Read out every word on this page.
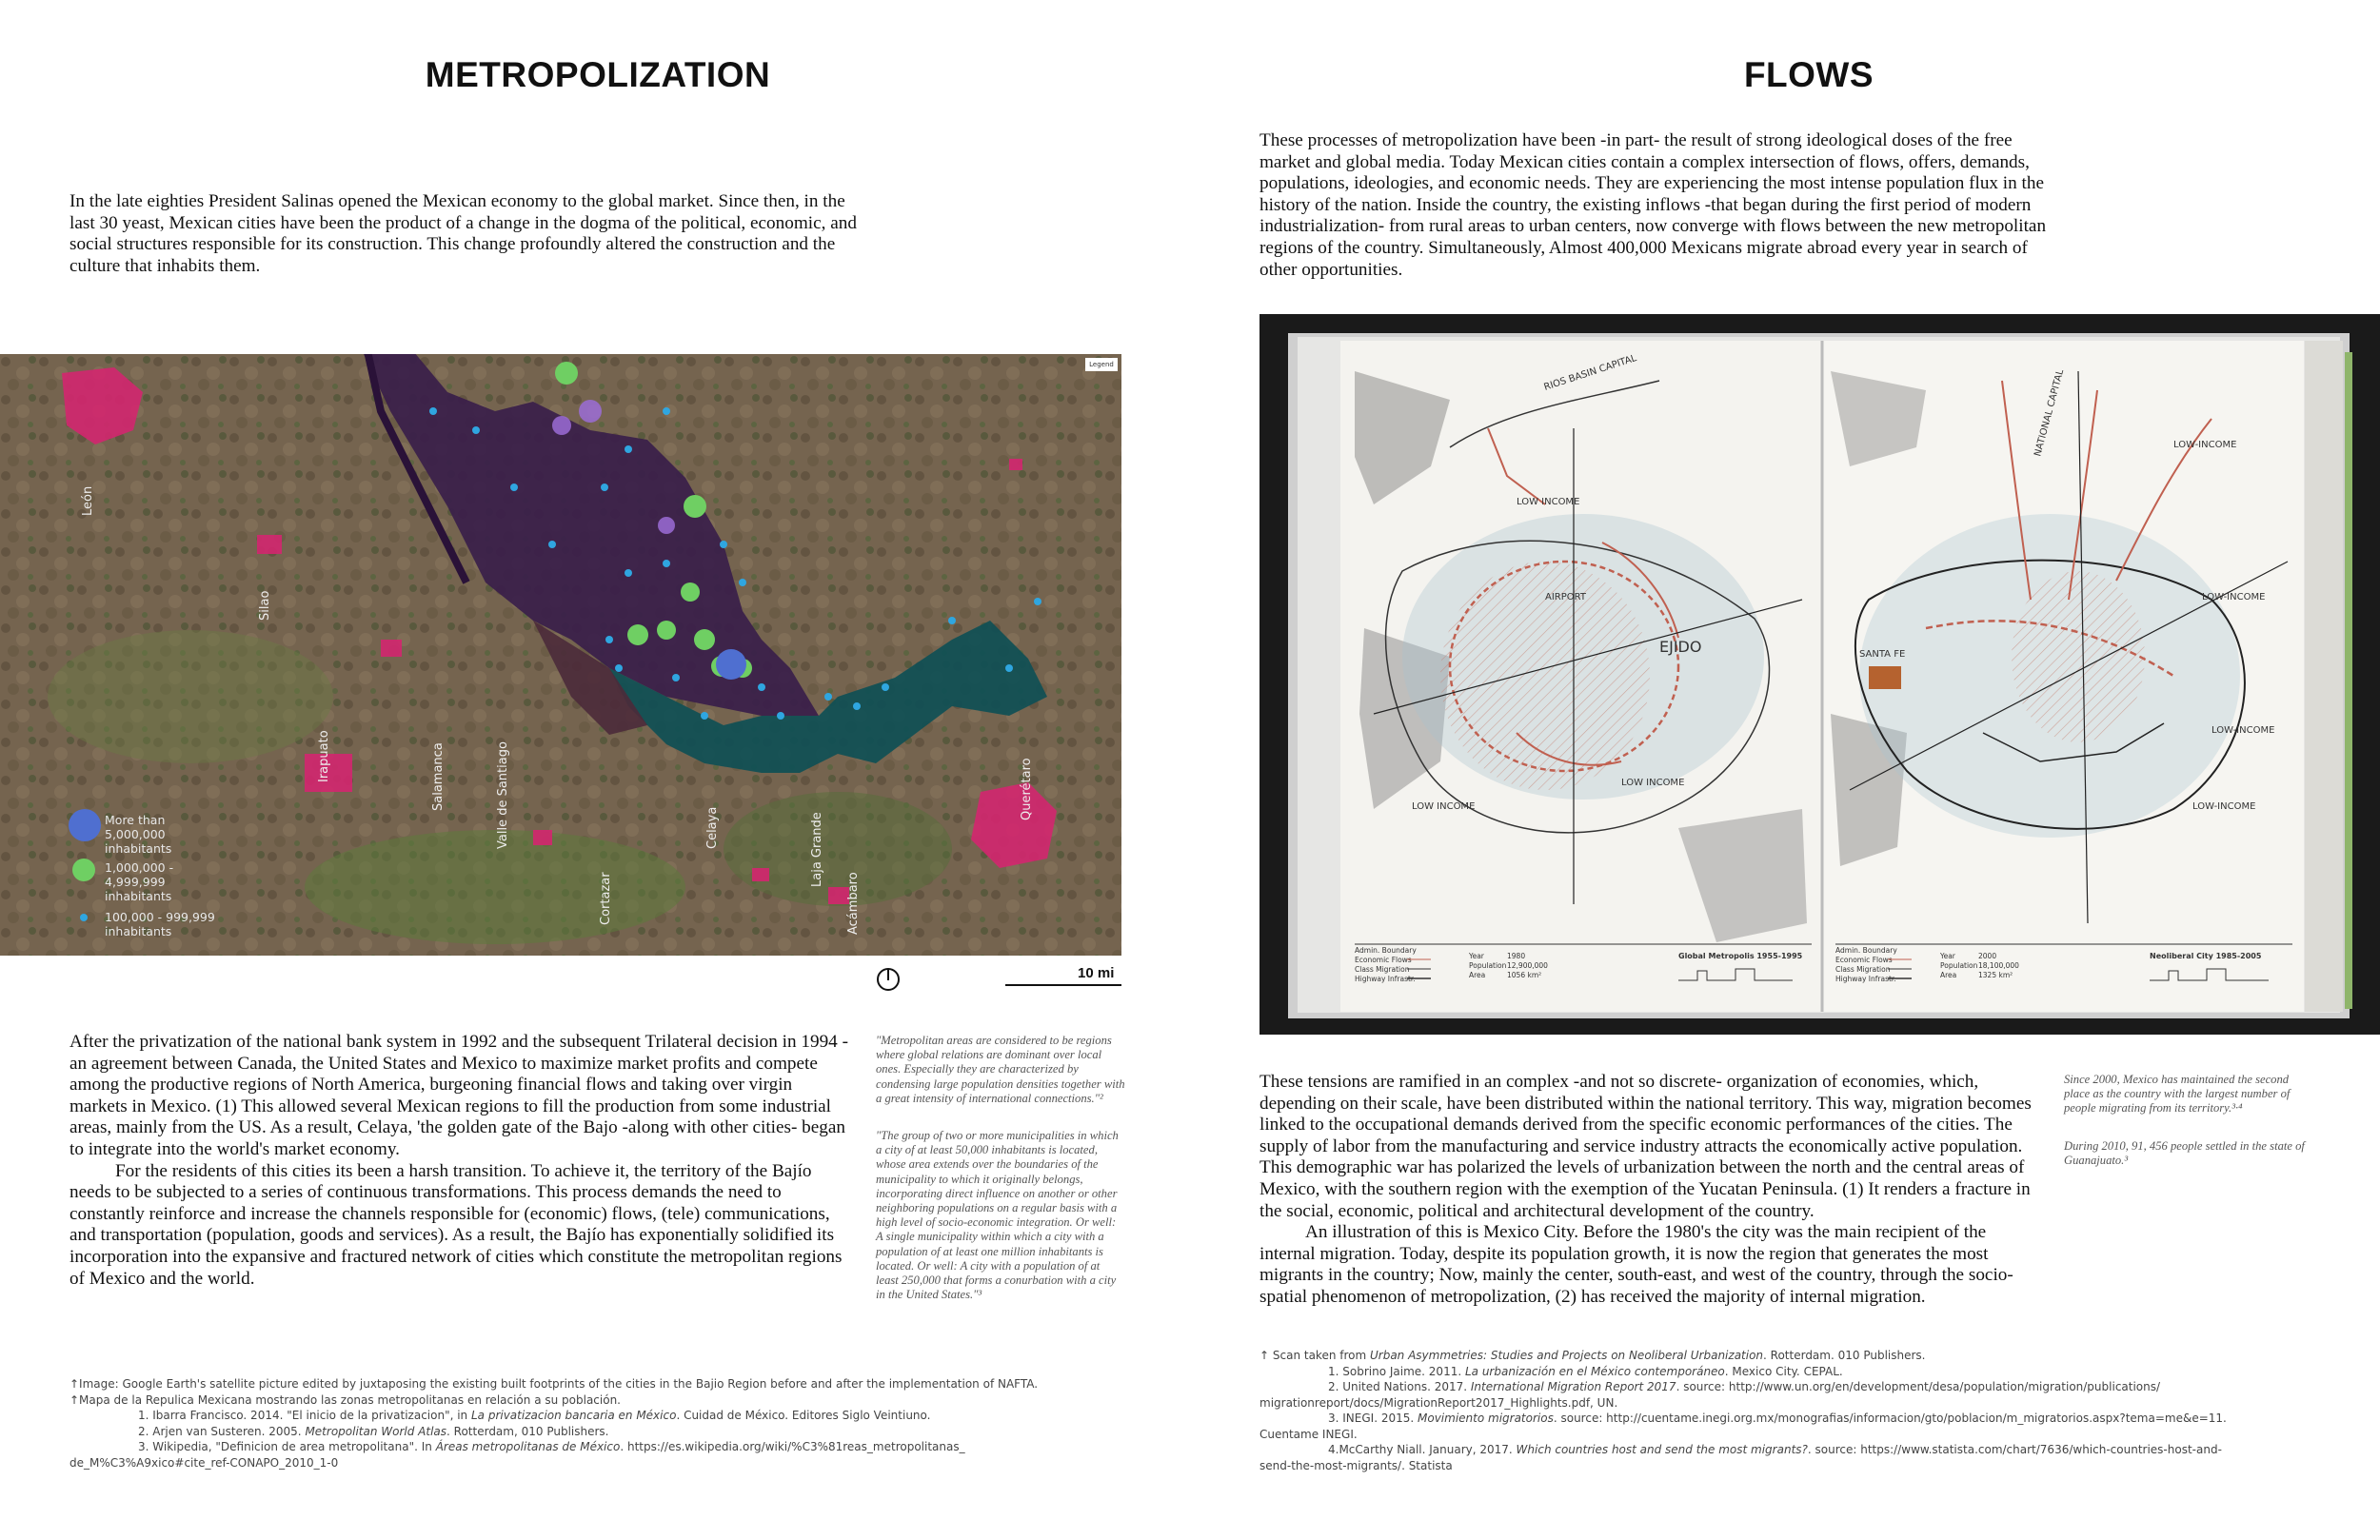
METROPOLIZATION
In the late eighties President Salinas opened the Mexican economy to the global market. Since then, in the last 30 yeast, Mexican cities have been the product of a change in the dogma of the political, economic, and social structures responsible for its construction. This change profoundly altered the construction and the culture that inhabits them.
León
Silao
Irapuato	Salamanca
Celaya
Valle de Santiago
Cortazar
Laja Grande
Querétaro
Acámbaro
Legend
More than 5,000,000 inhabitants
1,000,000 - 4,999,999 inhabitants
100,000 - 999,999 inhabitants
10 mi

After the privatization of the national bank system in 1992 and the subsequent Trilateral decision in 1994 -an agreement between Canada, the United States and Mexico to maximize market profits and compete among the productive regions of North America, burgeoning financial flows and taking over virgin markets in Mexico. (1) This allowed several Mexican regions to fill the production from some industrial areas, mainly from the US. As a result, Celaya, 'the golden gate of the Bajo -along with other cities- began to integrate into the world's market economy.

For the residents of this cities its been a harsh transition. To achieve it, the territory of the Bajío needs to be subjected to a series of continuous transformations. This process demands the need to constantly reinforce and increase the channels responsible for (economic) flows, (tele) communications, and transportation (population, goods and services). As a result, the Bajío has exponentially solidified its incorporation into the expansive and fractured network of cities which constitute the metropolitan regions of Mexico and the world.

"Metropolitan areas are considered to be regions where global relations are dominant over local ones. Especially they are characterized by condensing large population densities together with a great intensity of international connections."²

"The group of two or more municipalities in which a city of at least 50,000 inhabitants is located, whose area extends over the boundaries of the municipality to which it originally belongs, incorporating direct influence on another or other neighboring populations on a regular basis with a high level of socio-economic integration. Or well: A single municipality within which a city with a population of at least one million inhabitants is located. Or well: A city with a population of at least 250,000 that forms a conurbation with a city in the United States."³

↑Image: Google Earth's satellite picture edited by juxtaposing the existing built footprints of the cities in the Bajio Region before and after the implementation of NAFTA.
↑Mapa de la Repulica Mexicana mostrando las zonas metropolitanas en relación a su población.
1. Ibarra Francisco. 2014. "El inicio de la privatizacion", in La privatizacion bancaria en México. Cuidad de México. Editores Siglo Veintiuno.
2. Arjen van Susteren. 2005. Metropolitan World Atlas. Rotterdam, 010 Publishers.
3. Wikipedia, "Definicion de area metropolitana". In Áreas metropolitanas de México. https://es.wikipedia.org/wiki/%C3%81reas_metropolitanas_
de_M%C3%A9xico#cite_ref-CONAPO_2010_1-0
FLOWS
These processes of metropolization have been -in part- the result of strong ideological doses of the free market and global media. Today Mexican cities contain a complex intersection of flows, offers, demands, populations, ideologies, and economic needs. They are experiencing the most intense population flux in the history of the nation. Inside the country, the existing inflows -that began during the first period of modern industrialization- from rural areas to urban centers, now converge with flows between the new metropolitan regions of the country. Simultaneously, Almost 400,000 Mexicans migrate abroad every year in search of other opportunities.
LOW INCOME
EJIDO
AIRPORT
LOW INCOME
LOW INCOME
RIOS BASIN CAPITAL
LOW-INCOME
LOW-INCOME
SANTA FE
LOW-INCOME
NATIONAL CAPITAL
LOW-INCOME
Admin. Boundary
Economic Flows
Class Migration
Highway Infrastr.
Year	1980
Population 12,900,000
Area	1056 km²
Global Metropolis 1955-1995
Admin. Boundary
Economic Flows
Class Migration
Highway Infrastr.
Year	2000
Population 18,100,000
Area	1325 km²
Neoliberal City 1985-2005

These tensions are ramified in an complex -and not so discrete- organization of economies, which, depending on their scale, have been distributed within the national territory. This way, migration becomes linked to the occupational demands derived from the specific economic performances of the cities. The supply of labor from the manufacturing and service industry attracts the economically active population. This demographic war has polarized the levels of urbanization between the north and the central areas of Mexico, with the southern region with the exemption of the Yucatan Peninsula. (1) It renders a fracture in the social, economic, political and architectural development of the country.

An illustration of this is Mexico City. Before the 1980's the city was the main recipient of the internal migration. Today, despite its population growth, it is now the region that generates the most migrants in the country; Now, mainly the center, south-east, and west of the country, through the socio-spatial phenomenon of metropolization, (2) has received the majority of internal migration.

Since 2000, Mexico has maintained the second place as the country with the largest number of people migrating from its territory.³·⁴

During 2010, 91, 456 people settled in the state of Guanajuato.³

↑ Scan taken from Urban Asymmetries: Studies and Projects on Neoliberal Urbanization. Rotterdam. 010 Publishers.
1. Sobrino Jaime. 2011. La urbanización en el México contemporáneo. Mexico City. CEPAL.
2. United Nations. 2017. International Migration Report 2017. source: http://www.un.org/en/development/desa/population/migration/publications/
migrationreport/docs/MigrationReport2017_Highlights.pdf, UN.
3. INEGI. 2015. Movimiento migratorios. source: http://cuentame.inegi.org.mx/monografias/informacion/gto/poblacion/m_migratorios.aspx?tema=me&e=11.
Cuentame INEGI.
4.McCarthy Niall. January, 2017. Which countries host and send the most migrants?. source: https://www.statista.com/chart/7636/which-countries-host-and-
send-the-most-migrants/. Statista
